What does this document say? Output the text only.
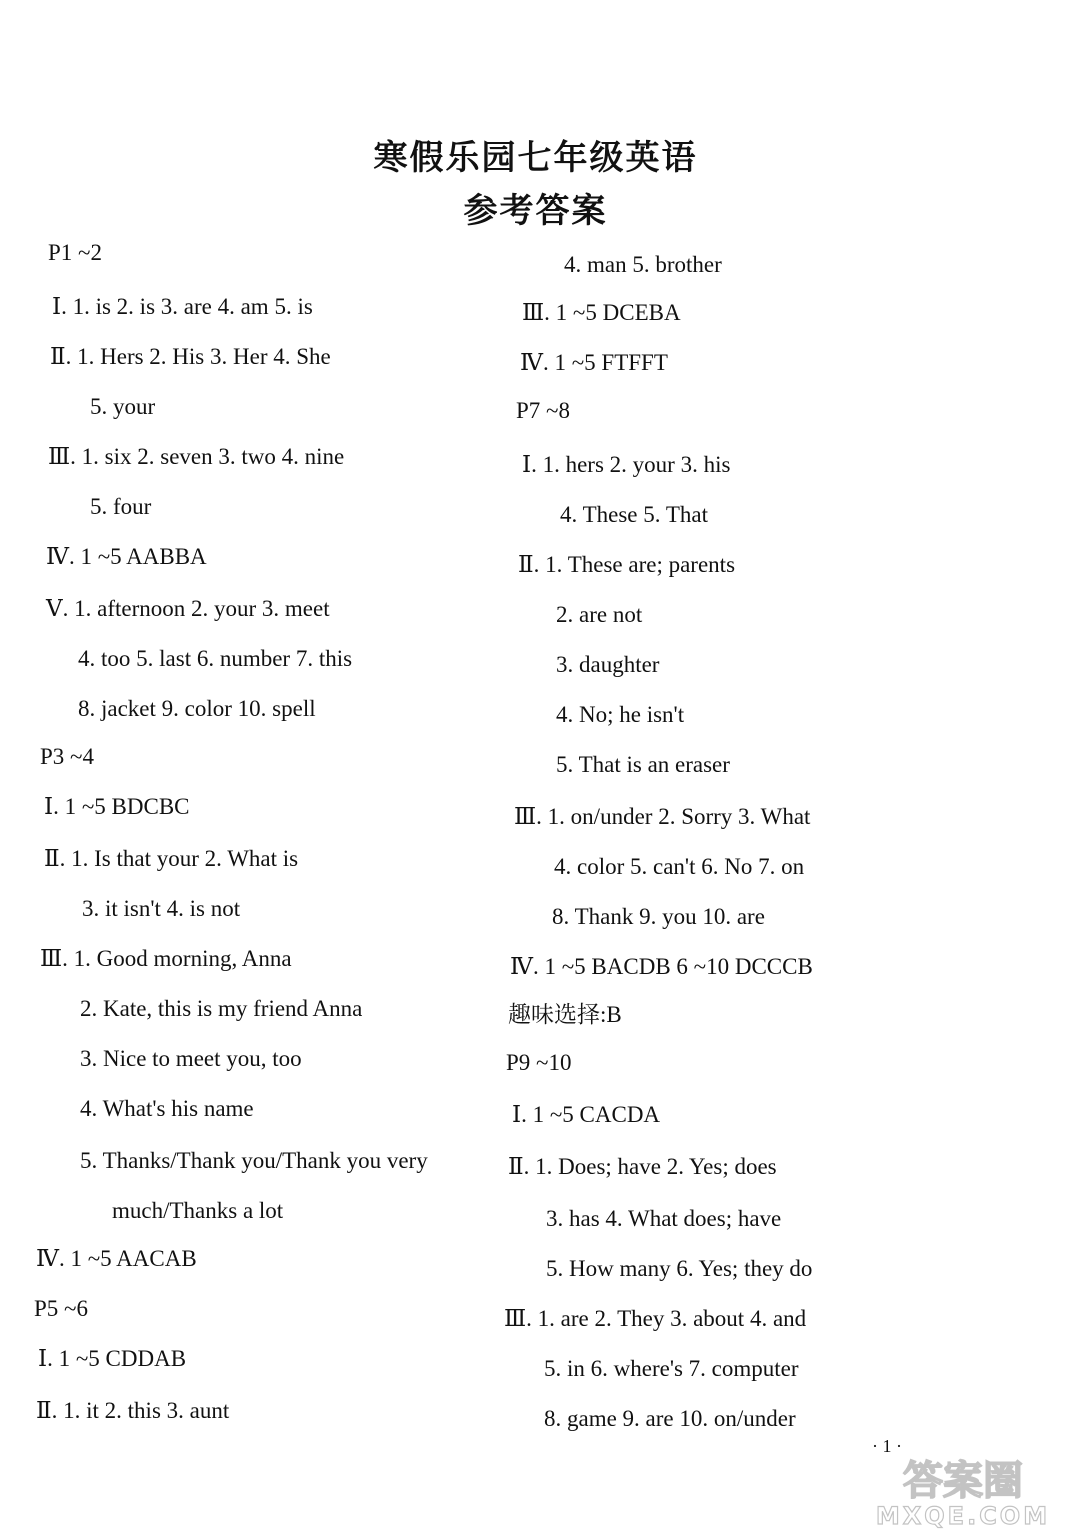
寒假乐园七年级英语
参考答案
P1 ~2
Ⅰ. 1. is 2. is 3. are 4. am 5. is
Ⅱ. 1. Hers 2. His 3. Her 4. She
5. your
Ⅲ. 1. six 2. seven 3. two 4. nine
5. four
Ⅳ. 1 ~5 AABBA
Ⅴ. 1. afternoon 2. your 3. meet
4. too 5. last 6. number 7. this
8. jacket 9. color 10. spell
P3 ~4
Ⅰ. 1 ~5 BDCBC
Ⅱ. 1. Is that your 2. What is
3. it isn't 4. is not
Ⅲ. 1. Good morning, Anna
2. Kate, this is my friend Anna
3. Nice to meet you, too
4. What's his name
5. Thanks/Thank you/Thank you very
much/Thanks a lot
Ⅳ. 1 ~5 AACAB
P5 ~6
Ⅰ. 1 ~5 CDDAB
Ⅱ. 1. it 2. this 3. aunt
4. man 5. brother
Ⅲ. 1 ~5 DCEBA
Ⅳ. 1 ~5 FTFFT
P7 ~8
Ⅰ. 1. hers 2. your 3. his
4. These 5. That
Ⅱ. 1. These are; parents
2. are not
3. daughter
4. No; he isn't
5. That is an eraser
Ⅲ. 1. on/under 2. Sorry 3. What
4. color 5. can't 6. No 7. on
8. Thank 9. you 10. are
Ⅳ. 1 ~5 BACDB 6 ~10 DCCCB
趣味选择:B
P9 ~10
Ⅰ. 1 ~5 CACDA
Ⅱ. 1. Does; have 2. Yes; does
3. has 4. What does; have
5. How many 6. Yes; they do
Ⅲ. 1. are 2. They 3. about 4. and
5. in 6. where's 7. computer
8. game 9. are 10. on/under
· 1 ·
答案圈
MXQE.COM
